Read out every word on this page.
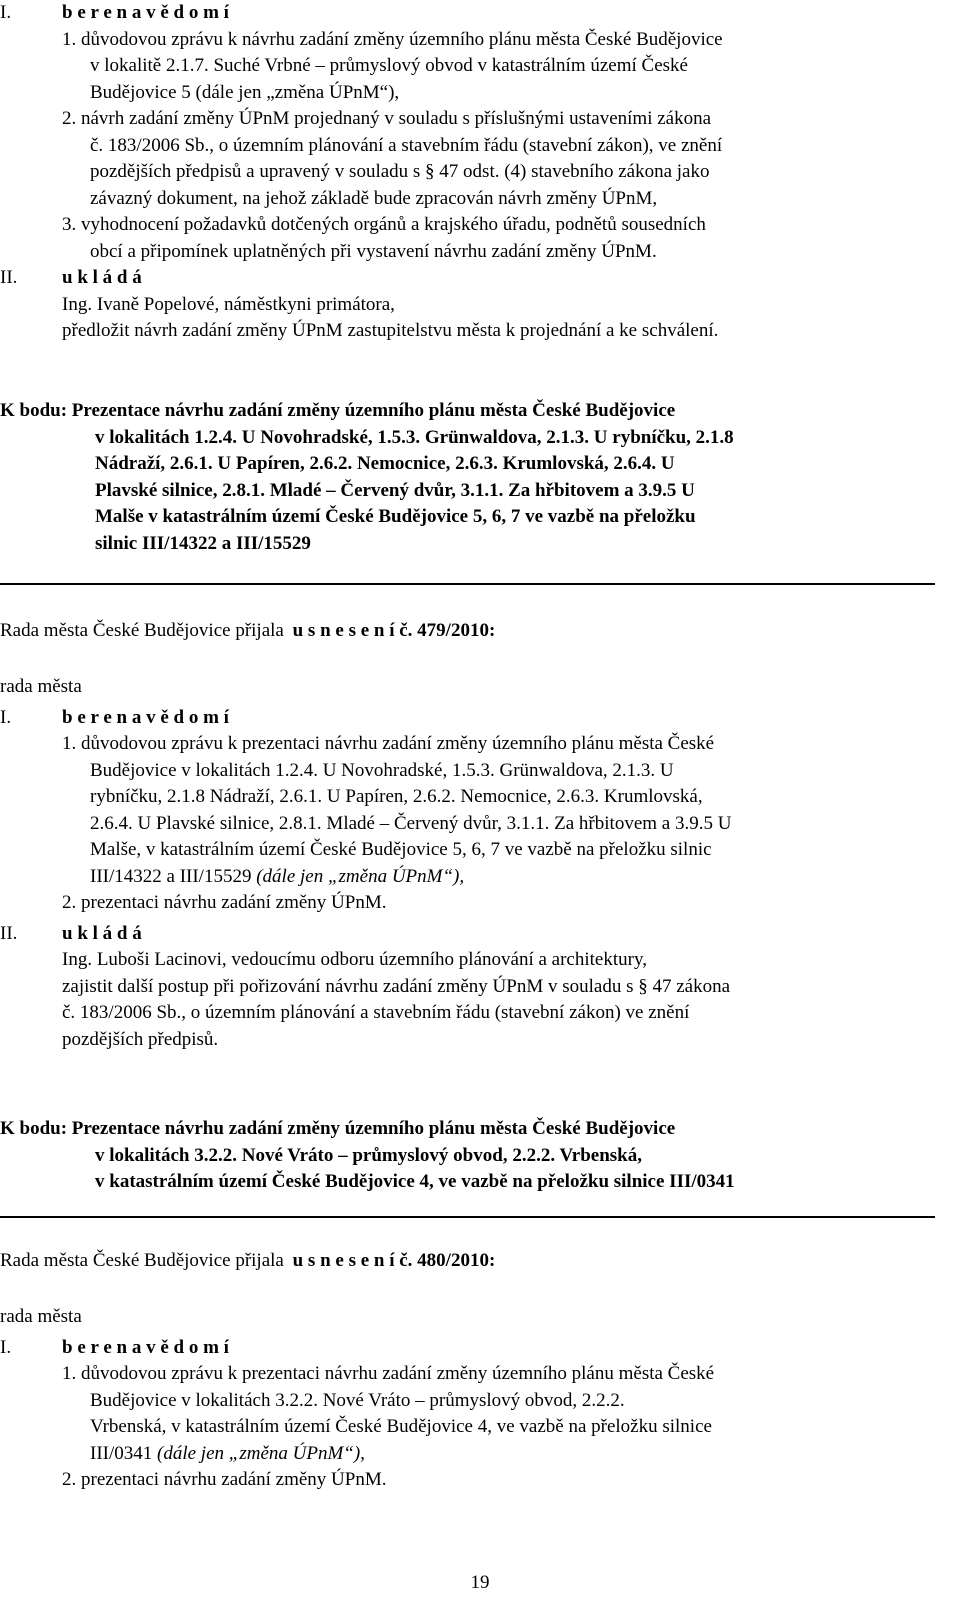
I.	b e r e n a v ě d o m í
1. důvodovou zprávu k návrhu zadání změny územního plánu města České Budějovice
v lokalitě 2.1.7. Suché Vrbné – průmyslový obvod v katastrálním území České
Budějovice 5 (dále jen „změna ÚPnM“),
2. návrh zadání změny ÚPnM projednaný v souladu s příslušnými ustaveními zákona
č. 183/2006 Sb., o územním plánování a stavebním řádu (stavební zákon), ve znění
pozdějších předpisů a upravený v souladu s § 47 odst. (4) stavebního zákona jako
závazný dokument, na jehož základě bude zpracován návrh změny ÚPnM,
3. vyhodnocení požadavků dotčených orgánů a krajského úřadu, podnětů sousedních
obcí a připomínek uplatněných při vystavení návrhu zadání změny ÚPnM.
II. u k l á d á
Ing. Ivaně Popelové, náměstkyni primátora,
předložit návrh zadání změny ÚPnM zastupitelstvu města k projednání a ke schválení.
K bodu: Prezentace návrhu zadání změny územního plánu města České Budějovice
v lokalitách 1.2.4. U Novohradské, 1.5.3. Grünwaldova, 2.1.3. U rybníčku, 2.1.8
Nádraží, 2.6.1. U Papíren, 2.6.2. Nemocnice, 2.6.3. Krumlovská, 2.6.4. U
Plavské silnice, 2.8.1. Mladé – Červený dvůr, 3.1.1. Za hřbitovem a 3.9.5 U
Malše v katastrálním území České Budějovice 5, 6, 7 ve vazbě na přeložku
silnic III/14322 a III/15529
Rada města České Budějovice přijala u s n e s e n í č. 479/2010:
rada města
I.	b e r e n a v ě d o m í
1. důvodovou zprávu k prezentaci návrhu zadání změny územního plánu města České
Budějovice v lokalitách 1.2.4. U Novohradské, 1.5.3. Grünwaldova, 2.1.3. U
rybníčku, 2.1.8 Nádraží, 2.6.1. U Papíren, 2.6.2. Nemocnice, 2.6.3. Krumlovská,
2.6.4. U Plavské silnice, 2.8.1. Mladé – Červený dvůr, 3.1.1. Za hřbitovem a 3.9.5 U
Malše, v katastrálním území České Budějovice 5, 6, 7 ve vazbě na přeložku silnic
III/14322 a III/15529 (dále jen „změna ÚPnM“),
2. prezentaci návrhu zadání změny ÚPnM.
II. u k l á d á
Ing. Luboši Lacinovi, vedoucímu odboru územního plánování a architektury,
zajistit další postup při pořizování návrhu zadání změny ÚPnM v souladu s § 47 zákona
č. 183/2006 Sb., o územním plánování a stavebním řádu (stavební zákon) ve znění
pozdějších předpisů.
K bodu: Prezentace návrhu zadání změny územního plánu města České Budějovice
v lokalitách 3.2.2. Nové Vráto – průmyslový obvod, 2.2.2. Vrbenská,
v katastrálním území České Budějovice 4, ve vazbě na přeložku silnice III/0341
Rada města České Budějovice přijala u s n e s e n í č. 480/2010:
rada města
I.	b e r e n a v ě d o m í
1. důvodovou zprávu k prezentaci návrhu zadání změny územního plánu města České
Budějovice v lokalitách 3.2.2. Nové Vráto – průmyslový obvod, 2.2.2.
Vrbenská, v katastrálním území České Budějovice 4, ve vazbě na přeložku silnice
III/0341 (dále jen „změna ÚPnM“),
2. prezentaci návrhu zadání změny ÚPnM.
19
